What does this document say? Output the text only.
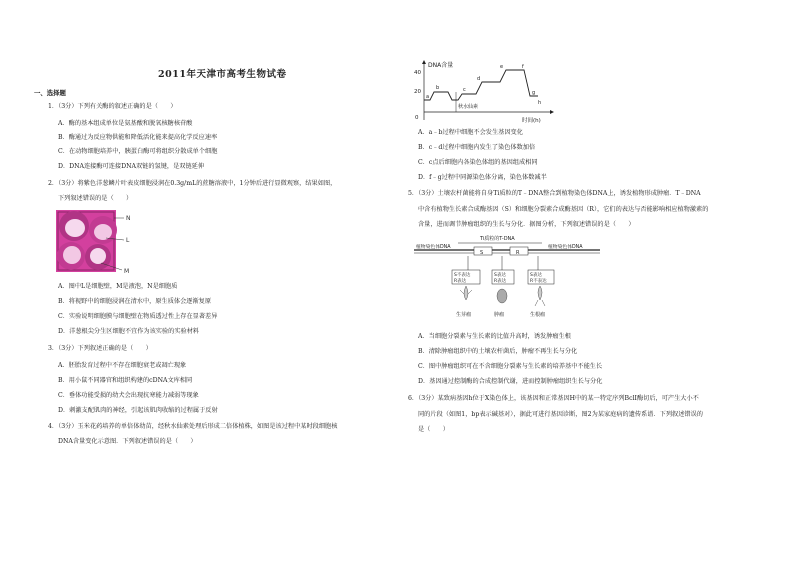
2011年天津市高考生物试卷
一、选择题
1．（3分）下列有关酶的叙述正确的是（　　）
A．酶的基本组成单位是氨基酸和脱氧核糖核苷酸
B．酶通过为反应物供能和降低活化能来提高化学反应速率
C．在动物细胞培养中，胰蛋白酶可将组织分散成单个细胞
D．DNA连接酶可连接DNA双链的氢键，是双链延伸
2．（3分）将紫色洋葱鳞片叶表皮细胞浸润在0.3g/mL的蔗糖溶液中，1分钟后进行显微观察，结果如图，
下列叙述错误的是（　　）
N
L
M
A．图中L是细胞壁，M是液泡，N是细胞质
B．将视野中的细胞浸润在清水中，原生质体会逐渐复原
C．实验说明细胞膜与细胞壁在物质透过性上存在显著差异
D．洋葱根尖分生区细胞不宜作为该实验的实验材料
3．（3分）下列叙述正确的是（　　）
A．胚胎发育过程中不存在细胞衰老或凋亡现象
B．用小鼠不同器官和组织构建的cDNA文库相同
C．垂体功能受损的幼犬会出现抗寒能力减弱等现象
D．刺激支配肌肉的神经，引起该肌肉收缩的过程属于反射
4．（3分）玉米花药培养的单倍体幼苗，经秋水仙素处理后形成二倍体植株，如图是该过程中某时段细胞核
DNA含量变化示意图．下列叙述错误的是（　　）
DNA含量
40
20
0
a
b	c
d
e	f
g
h
秋水仙素
时间(h)
A．a﹣b过程中细胞不会发生基因变化
B．c﹣d过程中细胞内发生了染色体数加倍
C．c点后细胞内各染色体组的基因组成相同
D．f﹣g过程中同源染色体分离，染色体数减半
5．（3分）土壤农杆菌能将自身Ti质粒的T﹣DNA整合到植物染色体DNA上，诱发植物形成肿瘤．T﹣DNA
中含有植物生长素合成酶基因（S）和细胞分裂素合成酶基因（R），它们的表达与否能影响相应植物激素的
含量，进而调节肿瘤组织的生长与分化．据图分析，下列叙述错误的是（　　）
Ti质粒的T-DNA
植物染色体DNA	植物染色体DNA
S	R
S不表达
R表达
S表达
R表达
S表达
R不表达
生芽瘤	肿瘤	生根瘤
A．当细胞分裂素与生长素的比值升高时，诱发肿瘤生根
B．清除肿瘤组织中的土壤农杆菌后，肿瘤不再生长与分化
C．图中肿瘤组织可在不含细胞分裂素与生长素的培养基中不能生长
D．基因通过控制酶的合成控制代谢，进而控制肿瘤组织生长与分化
6．（3分）某致病基因h位于X染色体上，该基因和正常基因H中的某一特定序列BclI酶切后，可产生大小不
同的片段（如图1，bp表示碱基对），据此可进行基因诊断，图2为某家庭病的遗传系谱．下列叙述错误的
是（　　）
